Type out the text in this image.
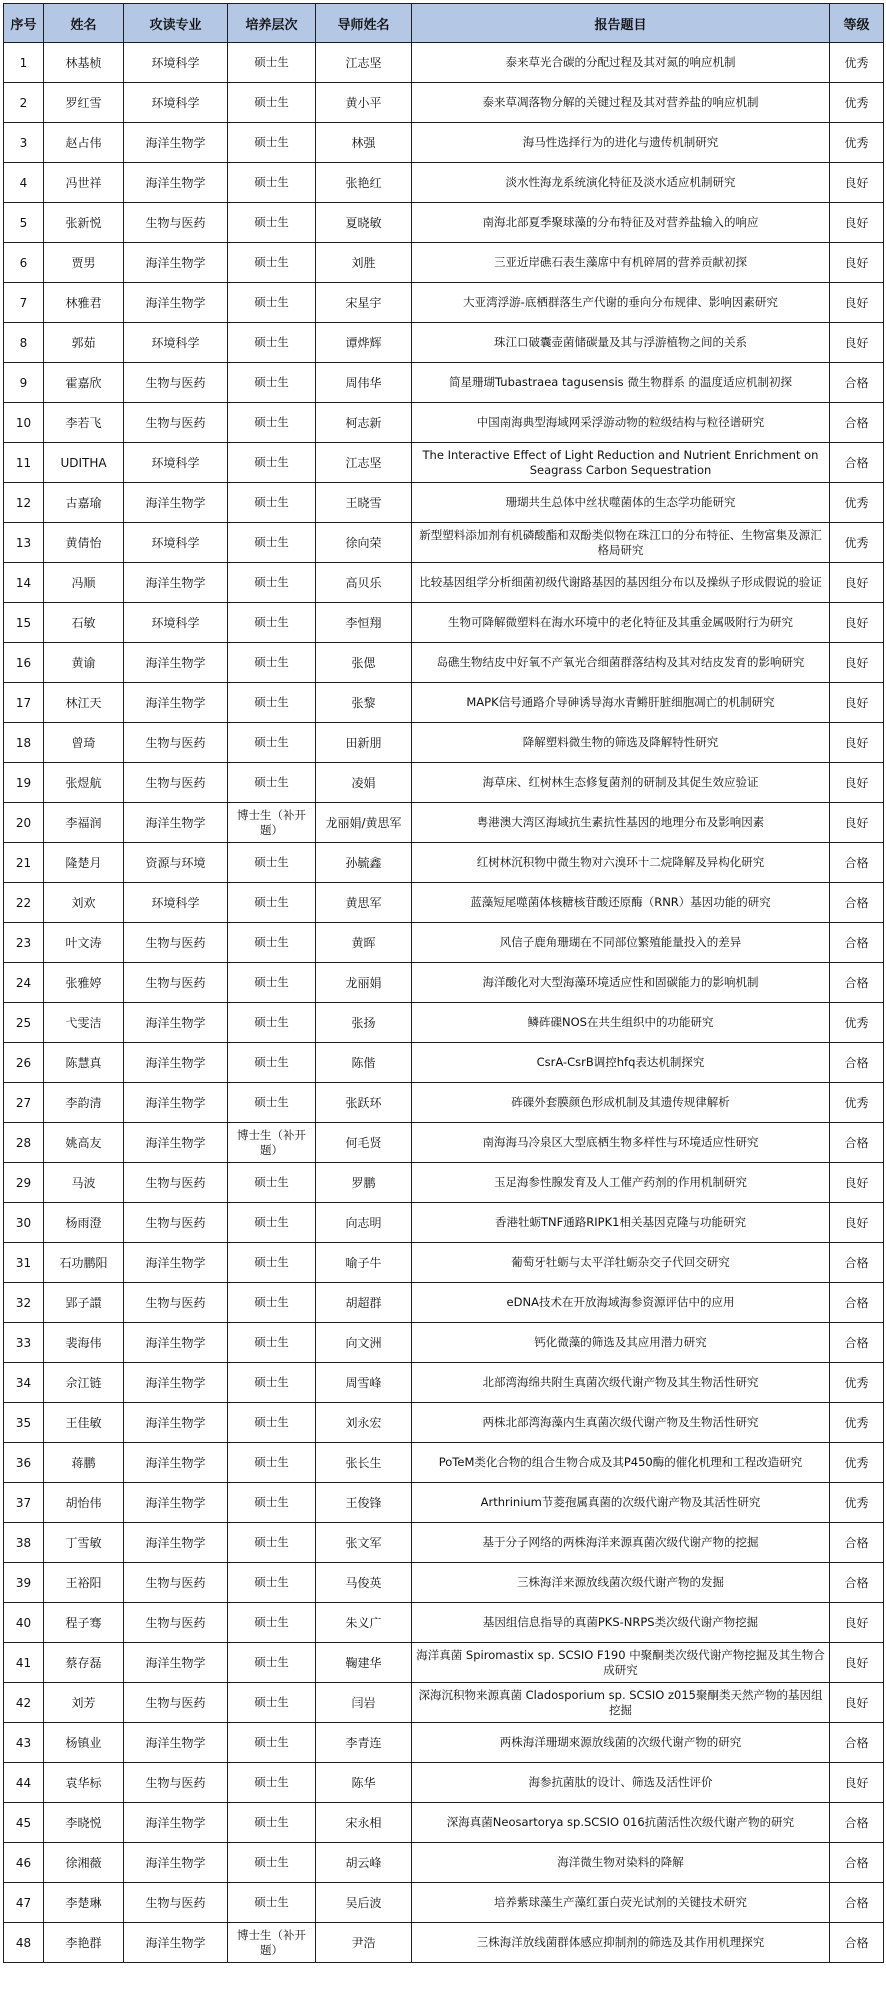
序号	姓名	攻读专业	培养层次	导师姓名	报告题目	等级
1	林基桢	环境科学	硕士生	江志坚	泰来草光合碳的分配过程及其对氮的响应机制	优秀
2	罗红雪	环境科学	硕士生	黄小平	泰来草凋落物分解的关键过程及其对营养盐的响应机制	优秀
3	赵占伟	海洋生物学	硕士生	林强	海马性选择行为的进化与遗传机制研究	优秀
4	冯世祥	海洋生物学	硕士生	张艳红	淡水性海龙系统演化特征及淡水适应机制研究	良好
5	张新悦	生物与医药	硕士生	夏晓敏	南海北部夏季聚球藻的分布特征及对营养盐输入的响应	良好
6	贾男	海洋生物学	硕士生	刘胜	三亚近岸礁石表生藻席中有机碎屑的营养贡献初探	良好
7	林雅君	海洋生物学	硕士生	宋星宇	大亚湾浮游-底栖群落生产代谢的垂向分布规律、影响因素研究	良好
8	郭茹	环境科学	硕士生	谭烨辉	珠江口破囊壶菌储碳量及其与浮游植物之间的关系	良好
9	霍嘉欣	生物与医药	硕士生	周伟华	简星珊瑚Tubastraea tagusensis 微生物群系 的温度适应机制初探	合格
10	李若飞	生物与医药	硕士生	柯志新	中国南海典型海域网采浮游动物的粒级结构与粒径谱研究	合格
11	UDITHA	环境科学	硕士生	江志坚	The Interactive Effect of Light Reduction and Nutrient Enrichment on Seagrass Carbon Sequestration	合格
12	古嘉瑜	海洋生物学	硕士生	王晓雪	珊瑚共生总体中丝状噬菌体的生态学功能研究	优秀
13	黄倩怡	环境科学	硕士生	徐向荣	新型塑料添加剂有机磷酸酯和双酚类似物在珠江口的分布特征、生物富集及源汇格局研究	优秀
14	冯顺	海洋生物学	硕士生	高贝乐	比较基因组学分析细菌初级代谢路基因的基因组分布以及操纵子形成假说的验证	良好
15	石敏	环境科学	硕士生	李恒翔	生物可降解微塑料在海水环境中的老化特征及其重金属吸附行为研究	良好
16	黄谕	海洋生物学	硕士生	张偲	岛礁生物结皮中好氧不产氧光合细菌群落结构及其对结皮发育的影响研究	良好
17	林江天	海洋生物学	硕士生	张黎	MAPK信号通路介导砷诱导海水青鳉肝脏细胞凋亡的机制研究	良好
18	曾琦	生物与医药	硕士生	田新朋	降解塑料微生物的筛选及降解特性研究	良好
19	张煜航	生物与医药	硕士生	凌娟	海草床、红树林生态修复菌剂的研制及其促生效应验证	良好
20	李福润	海洋生物学	博士生（补开题）	龙丽娟/黄思军	粤港澳大湾区海域抗生素抗性基因的地理分布及影响因素	良好
21	隆楚月	资源与环境	硕士生	孙毓鑫	红树林沉积物中微生物对六溴环十二烷降解及异构化研究	合格
22	刘欢	环境科学	硕士生	黄思军	蓝藻短尾噬菌体核糖核苷酸还原酶（RNR）基因功能的研究	合格
23	叶文涛	生物与医药	硕士生	黄晖	风信子鹿角珊瑚在不同部位繁殖能量投入的差异	合格
24	张雅婷	生物与医药	硕士生	龙丽娟	海洋酸化对大型海藻环境适应性和固碳能力的影响机制	合格
25	弋雯洁	海洋生物学	硕士生	张扬	鳞砗磲NOS在共生组织中的功能研究	优秀
26	陈慧真	海洋生物学	硕士生	陈偕	CsrA-CsrB调控hfq表达机制探究	合格
27	李韵清	海洋生物学	硕士生	张跃环	砗磲外套膜颜色形成机制及其遗传规律解析	优秀
28	姚高友	海洋生物学	博士生（补开题）	何毛贤	南海海马冷泉区大型底栖生物多样性与环境适应性研究	合格
29	马波	生物与医药	硕士生	罗鹏	玉足海参性腺发育及人工催产药剂的作用机制研究	良好
30	杨雨澄	生物与医药	硕士生	向志明	香港牡蛎TNF通路RIPK1相关基因克隆与功能研究	良好
31	石功鹏阳	海洋生物学	硕士生	喻子牛	葡萄牙牡蛎与太平洋牡蛎杂交子代回交研究	合格
32	郢子譞	生物与医药	硕士生	胡超群	eDNA技术在开放海域海参资源评估中的应用	合格
33	裴海伟	海洋生物学	硕士生	向文洲	钙化微藻的筛选及其应用潜力研究	合格
34	佘江链	海洋生物学	硕士生	周雪峰	北部湾海绵共附生真菌次级代谢产物及其生物活性研究	优秀
35	王佳敏	海洋生物学	硕士生	刘永宏	两株北部湾海藻内生真菌次级代谢产物及生物活性研究	优秀
36	蒋鹏	海洋生物学	硕士生	张长生	PoTeM类化合物的组合生物合成及其P450酶的催化机理和工程改造研究	优秀
37	胡怡伟	海洋生物学	硕士生	王俊锋	Arthrinium节菱孢属真菌的次级代谢产物及其活性研究	优秀
38	丁雪敏	海洋生物学	硕士生	张文军	基于分子网络的两株海洋来源真菌次级代谢产物的挖掘	合格
39	王裕阳	生物与医药	硕士生	马俊英	三株海洋来源放线菌次级代谢产物的发掘	合格
40	程子骞	生物与医药	硕士生	朱义广	基因组信息指导的真菌PKS-NRPS类次级代谢产物挖掘	良好
41	蔡存磊	海洋生物学	硕士生	鞠建华	海洋真菌 Spiromastix sp. SCSIO F190 中聚酮类次级代谢产物挖掘及其生物合成研究	良好
42	刘芳	生物与医药	硕士生	闫岩	深海沉积物来源真菌 Cladosporium sp. SCSIO z015聚酮类天然产物的基因组挖掘	良好
43	杨镇业	海洋生物学	硕士生	李青连	两株海洋珊瑚來源放线菌的次级代谢产物的研究	合格
44	袁华标	生物与医药	硕士生	陈华	海参抗菌肽的设计、筛选及活性评价	良好
45	李晓悦	海洋生物学	硕士生	宋永相	深海真菌Neosartorya sp.SCSIO 016抗菌活性次级代谢产物的研究	合格
46	徐湘薇	海洋生物学	硕士生	胡云峰	海洋微生物对染料的降解	合格
47	李楚琳	生物与医药	硕士生	吴后波	培养紫球藻生产藻红蛋白荧光试剂的关键技术研究	合格
48	李艳群	海洋生物学	博士生（补开题）	尹浩	三株海洋放线菌群体感应抑制剂的筛选及其作用机理探究	合格
